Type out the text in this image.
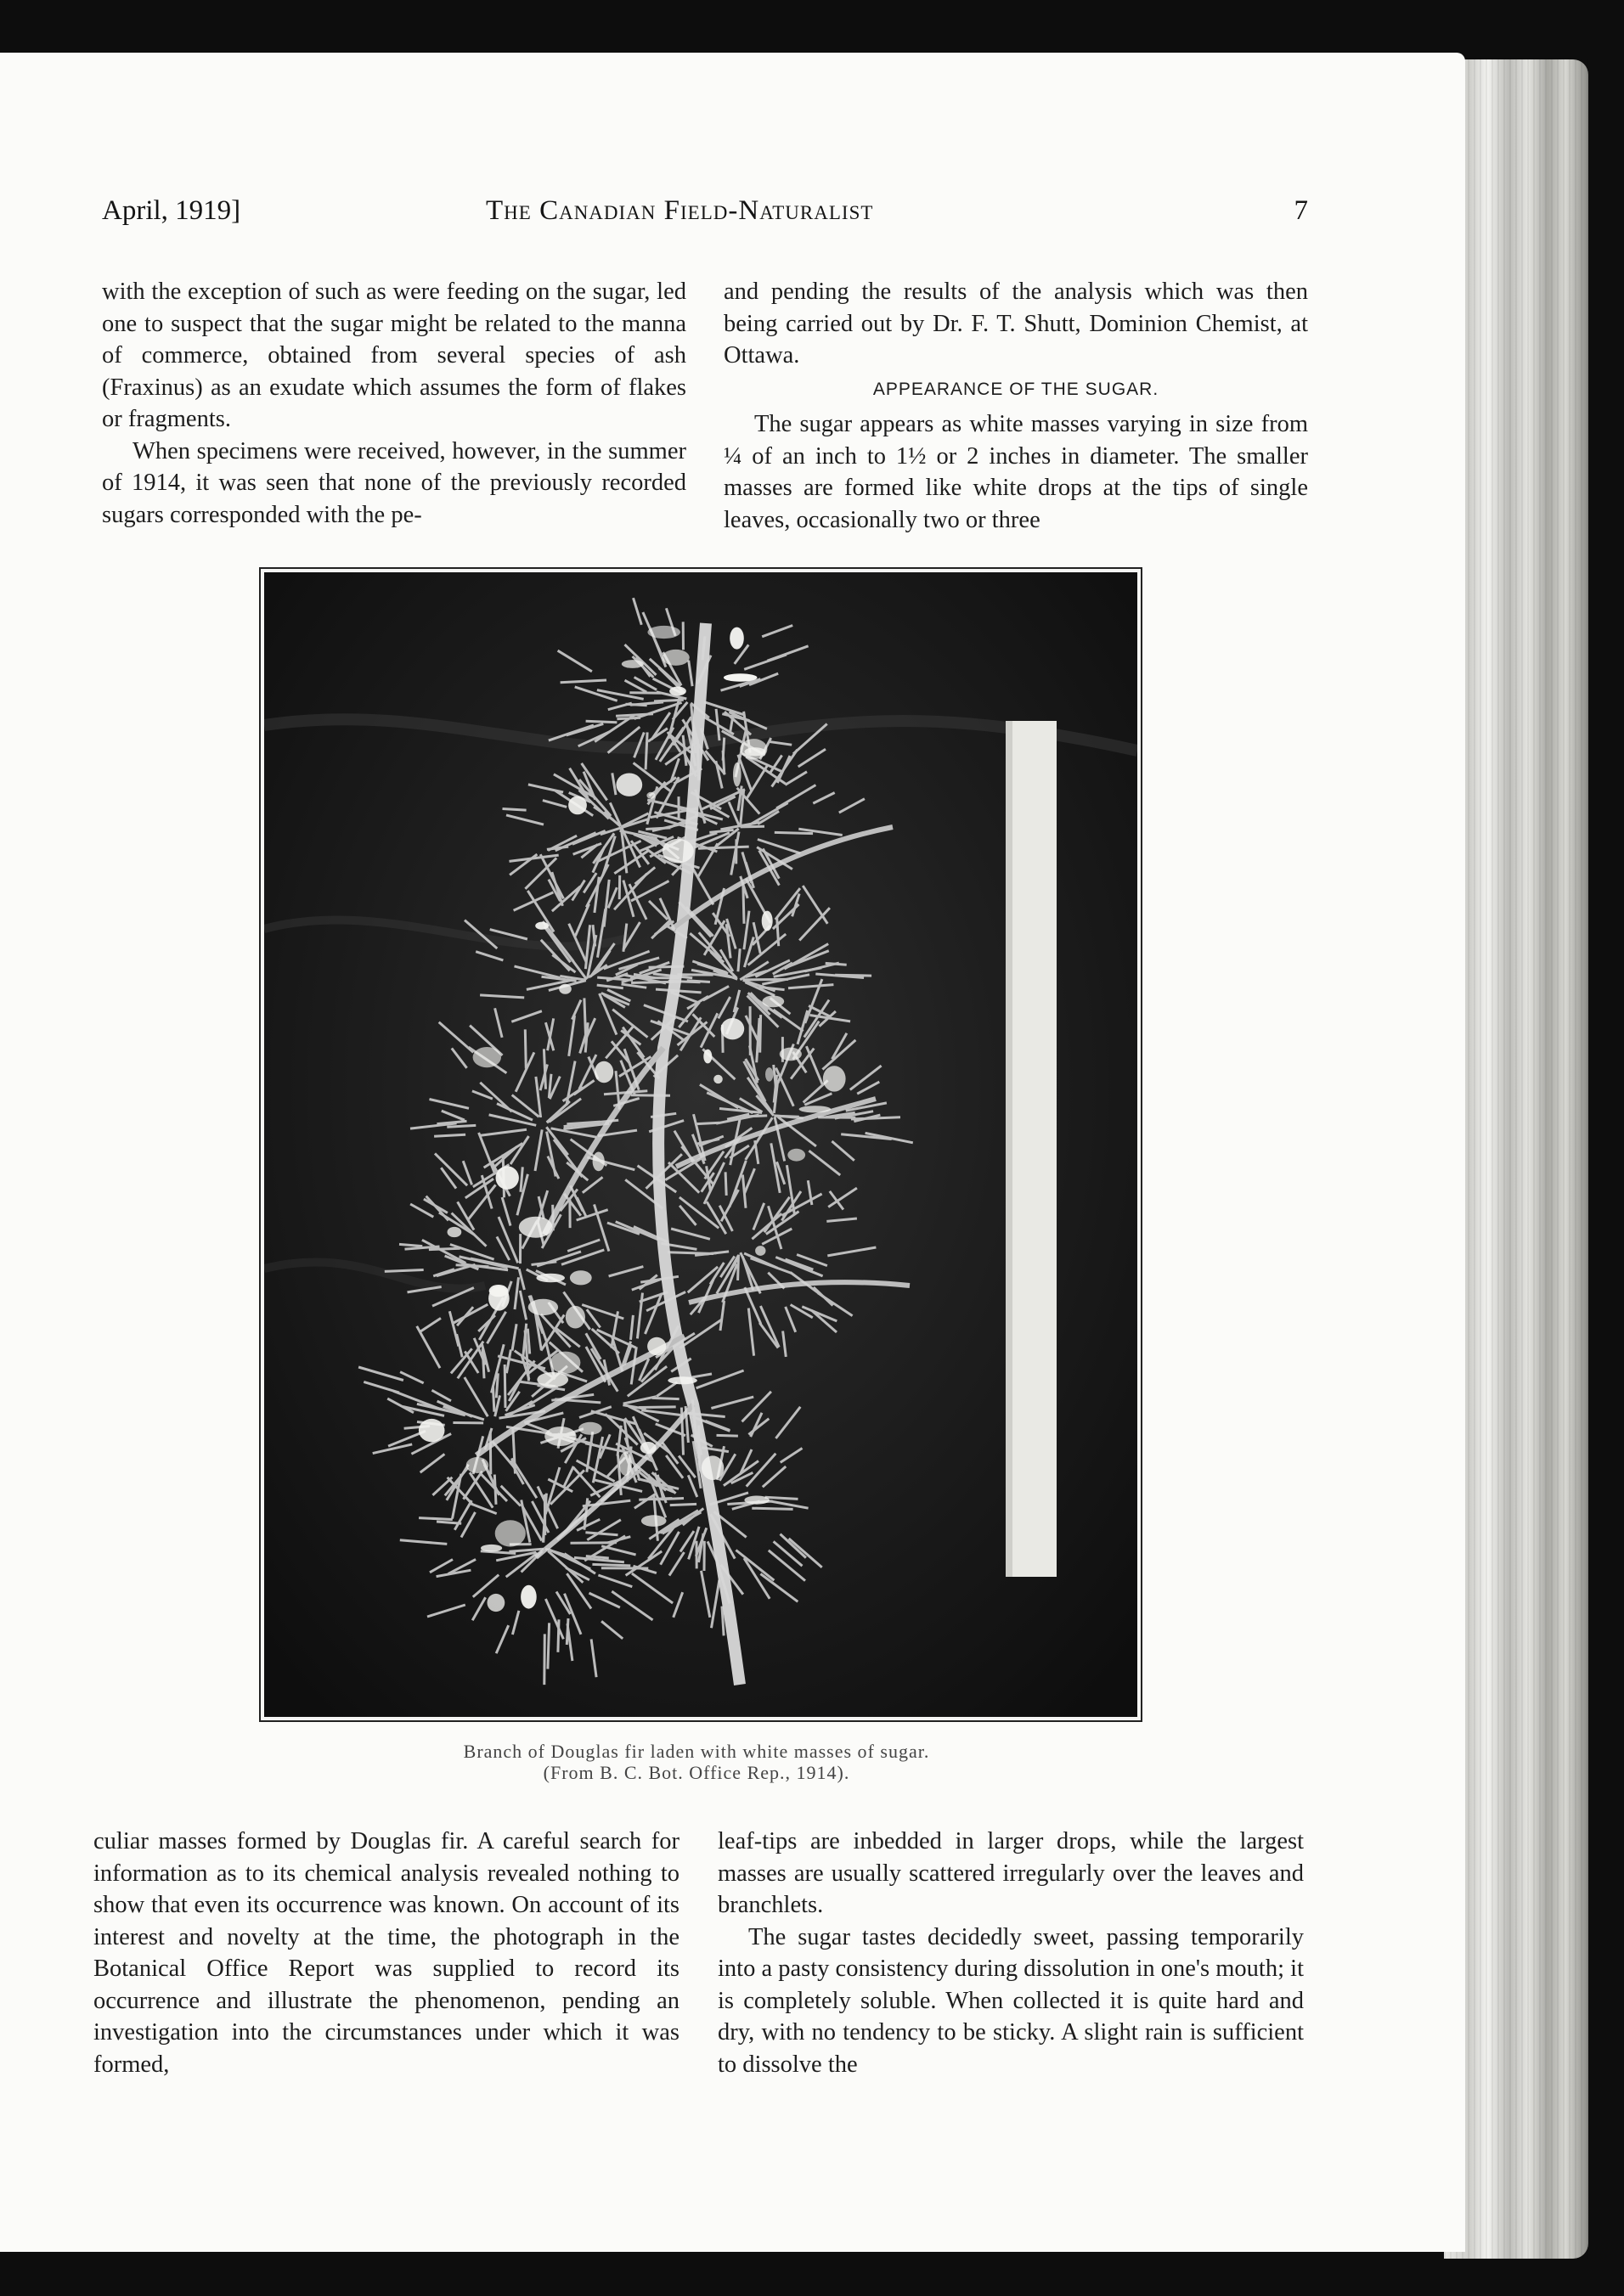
April, 1919]	The Canadian Field-Naturalist	7

with the exception of such as were feeding on the sugar, led one to suspect that the sugar might be related to the manna of commerce, obtained from several species of ash (Fraxinus) as an exudate which assumes the form of flakes or fragments.

When specimens were received, however, in the summer of 1914, it was seen that none of the previously recorded sugars corresponded with the pe-

and pending the results of the analysis which was then being carried out by Dr. F. T. Shutt, Dominion Chemist, at Ottawa.

APPEARANCE OF THE SUGAR.

The sugar appears as white masses varying in size from ¼ of an inch to 1½ or 2 inches in diameter. The smaller masses are formed like white drops at the tips of single leaves, occasionally two or three

Branch of Douglas fir laden with white masses of sugar.
(From B. C. Bot. Office Rep., 1914).

culiar masses formed by Douglas fir. A careful search for information as to its chemical analysis revealed nothing to show that even its occurrence was known. On account of its interest and novelty at the time, the photograph in the Botanical Office Report was supplied to record its occurrence and illustrate the phenomenon, pending an investigation into the circumstances under which it was formed,

leaf-tips are inbedded in larger drops, while the largest masses are usually scattered irregularly over the leaves and branchlets.

The sugar tastes decidedly sweet, passing temporarily into a pasty consistency during dissolution in one's mouth; it is completely soluble. When collected it is quite hard and dry, with no tendency to be sticky. A slight rain is sufficient to dissolve the
